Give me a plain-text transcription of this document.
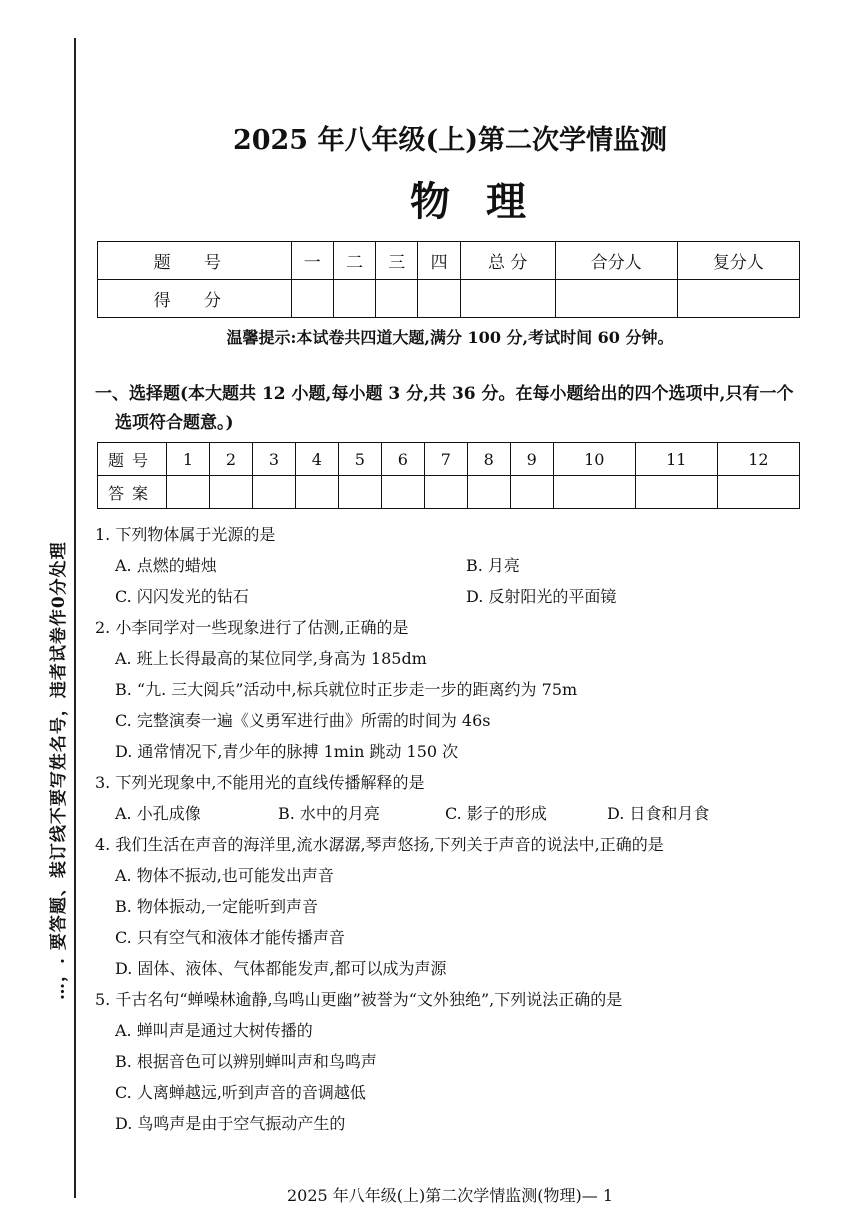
…，. 要答题、装订线不要写姓名号，违者试卷作0分处理
2025 年八年级(上)第二次学情监测
物理
题 号	一	二	三	四	总 分	合分人	复分人
得 分							
温馨提示:本试卷共四道大题,满分 100 分,考试时间 60 分钟。
一、选择题(本大题共 12 小题,每小题 3 分,共 36 分。在每小题给出的四个选项中,只有一个
选项符合题意。)
题号	1	2	3	4	5	6	7	8	9	10	11	12
答案												
1. 下列物体属于光源的是
A. 点燃的蜡烛	B. 月亮
C. 闪闪发光的钻石	D. 反射阳光的平面镜
2. 小李同学对一些现象进行了估测,正确的是
A. 班上长得最高的某位同学,身高为 185dm
B. “九. 三大阅兵”活动中,标兵就位时正步走一步的距离约为 75m
C. 完整演奏一遍《义勇军进行曲》所需的时间为 46s
D. 通常情况下,青少年的脉搏 1min 跳动 150 次
3. 下列光现象中,不能用光的直线传播解释的是
A. 小孔成像	B. 水中的月亮	C. 影子的形成	D. 日食和月食
4. 我们生活在声音的海洋里,流水潺潺,琴声悠扬,下列关于声音的说法中,正确的是
A. 物体不振动,也可能发出声音
B. 物体振动,一定能听到声音
C. 只有空气和液体才能传播声音
D. 固体、液体、气体都能发声,都可以成为声源
5. 千古名句“蝉噪林逾静,鸟鸣山更幽”被誉为“文外独绝”,下列说法正确的是
A. 蝉叫声是通过大树传播的
B. 根据音色可以辨别蝉叫声和鸟鸣声
C. 人离蝉越远,听到声音的音调越低
D. 鸟鸣声是由于空气振动产生的
2025 年八年级(上)第二次学情监测(物理)— 1
